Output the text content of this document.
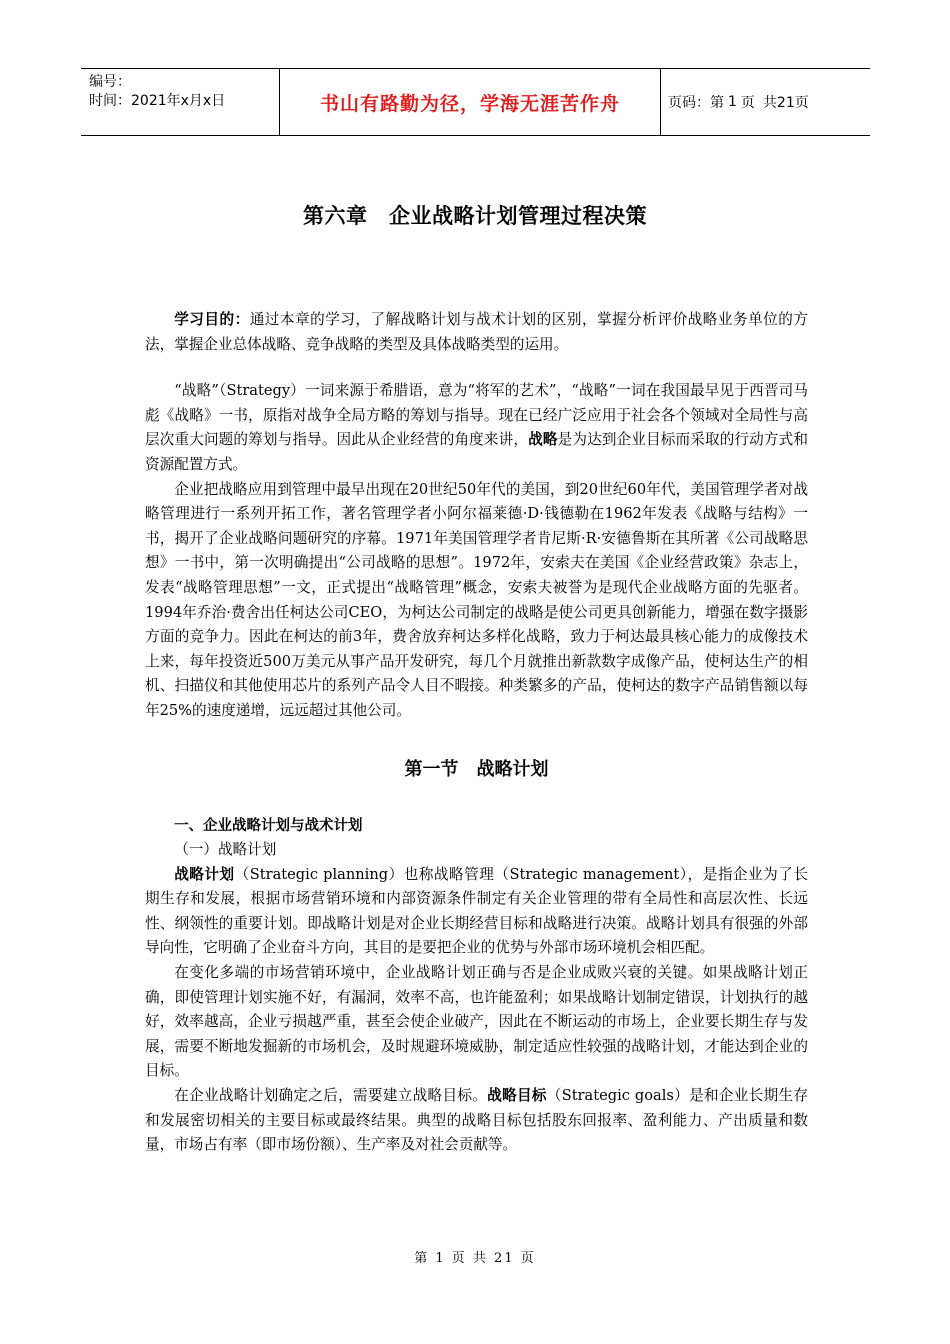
编号：
时间：2021年x月x日	书山有路勤为径，学海无涯苦作舟	页码：第 1 页 共21页
第六章　企业战略计划管理过程决策

学习目的：通过本章的学习，了解战略计划与战术计划的区别，掌握分析评价战略业务单位的方法，掌握企业总体战略、竞争战略的类型及具体战略类型的运用。

“战略”（Strategy）一词来源于希腊语，意为“将军的艺术”，“战略”一词在我国最早见于西晋司马彪《战略》一书，原指对战争全局方略的筹划与指导。现在已经广泛应用于社会各个领域对全局性与高层次重大问题的筹划与指导。因此从企业经营的角度来讲，战略是为达到企业目标而采取的行动方式和资源配置方式。

企业把战略应用到管理中最早出现在20世纪50年代的美国，到20世纪60年代，美国管理学者对战略管理进行一系列开拓工作，著名管理学者小阿尔福莱德·D·钱德勒在1962年发表《战略与结构》一书，揭开了企业战略问题研究的序幕。1971年美国管理学者肯尼斯·R·安德鲁斯在其所著《公司战略思想》一书中，第一次明确提出“公司战略的思想”。1972年，安索夫在美国《企业经营政策》杂志上，发表“战略管理思想”一文，正式提出“战略管理”概念，安索夫被誉为是现代企业战略方面的先驱者。1994年乔治·费舍出任柯达公司CEO，为柯达公司制定的战略是使公司更具创新能力，增强在数字摄影方面的竞争力。因此在柯达的前3年，费舍放弃柯达多样化战略，致力于柯达最具核心能力的成像技术上来，每年投资近500万美元从事产品开发研究，每几个月就推出新款数字成像产品，使柯达生产的相机、扫描仪和其他使用芯片的系列产品令人目不暇接。种类繁多的产品，使柯达的数字产品销售额以每年25%的速度递增，远远超过其他公司。

第一节　战略计划

一、企业战略计划与战术计划

（一）战略计划

战略计划（Strategic planning）也称战略管理（Strategic management），是指企业为了长期生存和发展，根据市场营销环境和内部资源条件制定有关企业管理的带有全局性和高层次性、长远性、纲领性的重要计划。即战略计划是对企业长期经营目标和战略进行决策。战略计划具有很强的外部导向性，它明确了企业奋斗方向，其目的是要把企业的优势与外部市场环境机会相匹配。

在变化多端的市场营销环境中，企业战略计划正确与否是企业成败兴衰的关键。如果战略计划正确，即使管理计划实施不好，有漏洞，效率不高，也许能盈利；如果战略计划制定错误，计划执行的越好，效率越高，企业亏损越严重，甚至会使企业破产，因此在不断运动的市场上，企业要长期生存与发展，需要不断地发掘新的市场机会，及时规避环境威胁，制定适应性较强的战略计划，才能达到企业的目标。

在企业战略计划确定之后，需要建立战略目标。战略目标（Strategic goals）是和企业长期生存和发展密切相关的主要目标或最终结果。典型的战略目标包括股东回报率、盈利能力、产出质量和数量，市场占有率（即市场份额）、生产率及对社会贡献等。

第 1 页 共 21 页
